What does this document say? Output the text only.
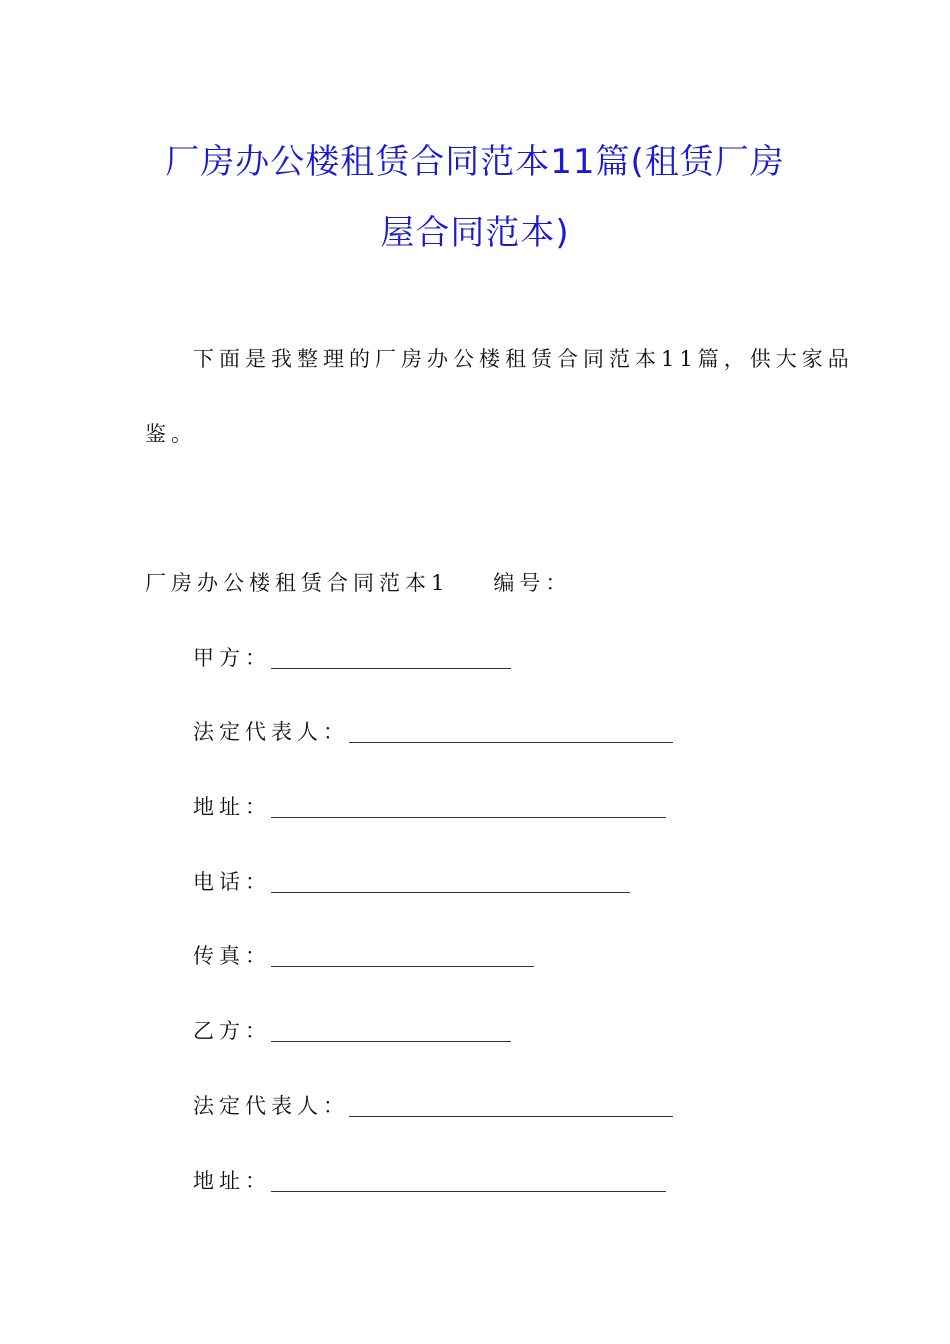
厂房办公楼租赁合同范本11篇(租赁厂房
屋合同范本)
下面是我整理的厂房办公楼租赁合同范本11篇，供大家品
鉴。
厂房办公楼租赁合同范本1 编号：
甲方：
法定代表人：
地址：
电话：
传真：
乙方：
法定代表人：
地址：
